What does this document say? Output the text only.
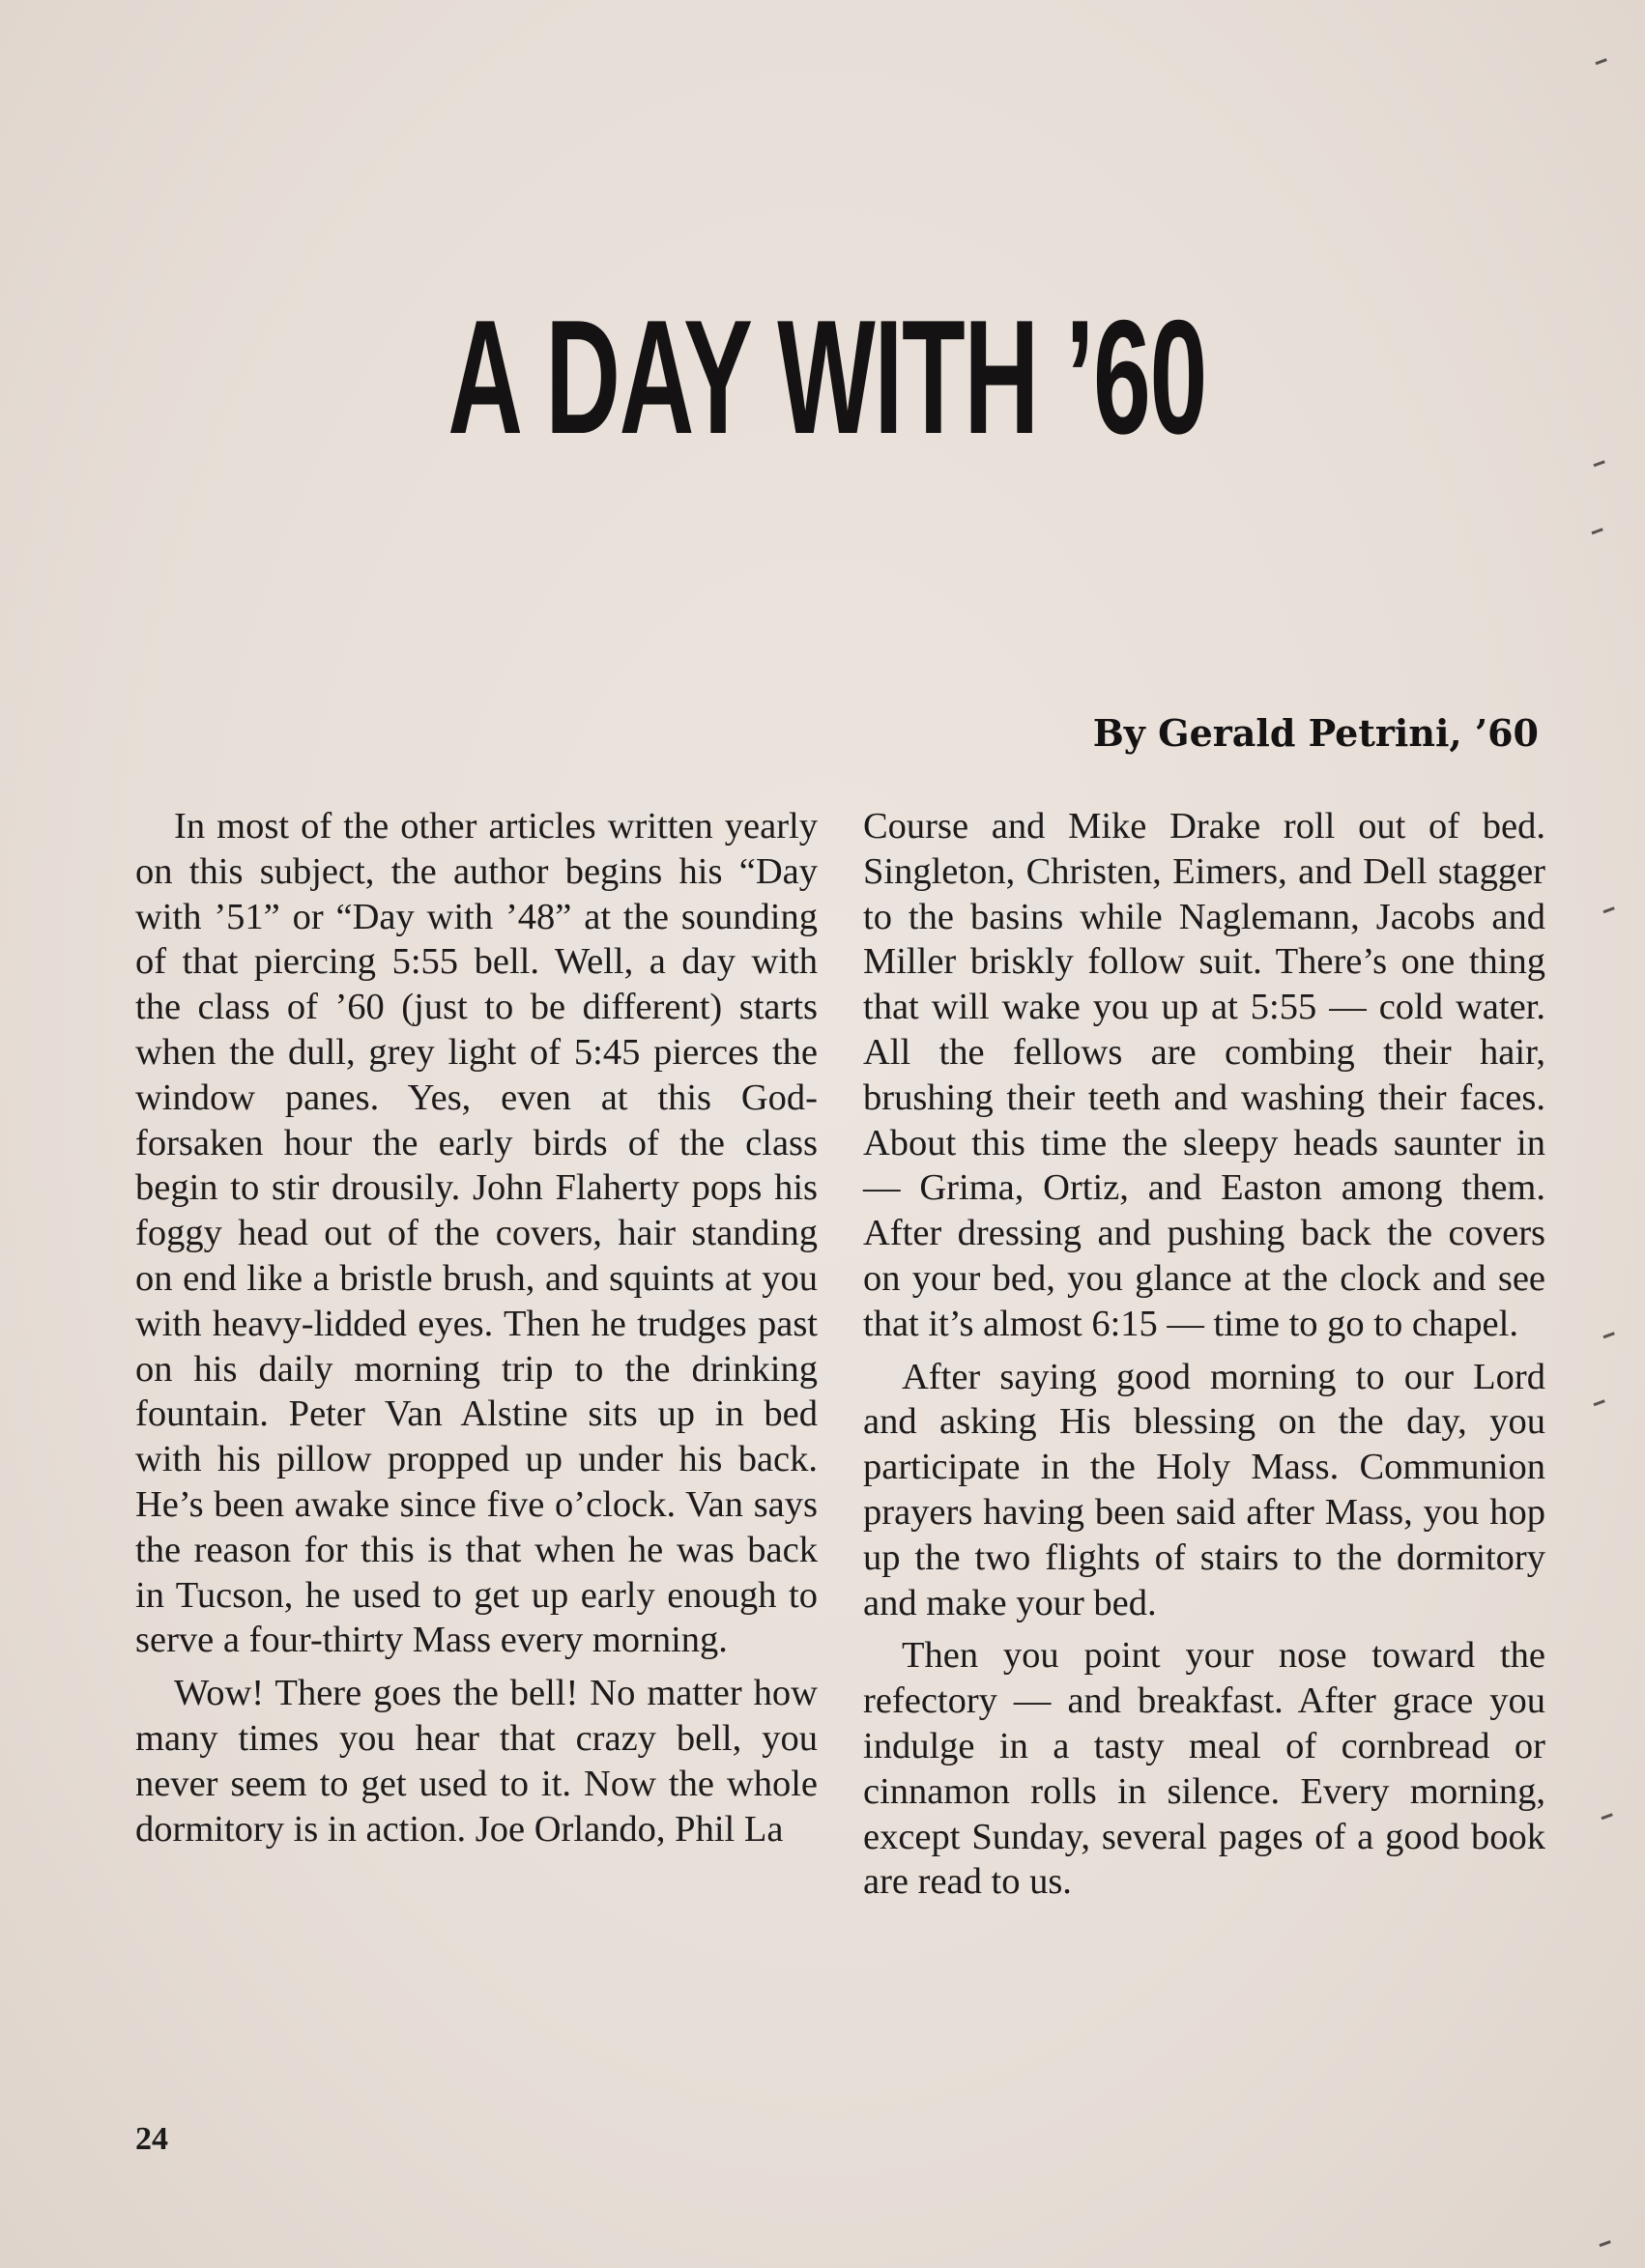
A DAY WITH ’60
By Gerald Petrini, ’60

In most of the other articles written yearly on this subject, the author begins his “Day with ’51” or “Day with ’48” at the sounding of that piercing 5:55 bell. Well, a day with the class of ’60 (just to be different) starts when the dull, grey light of 5:45 pierces the window panes. Yes, even at this God-forsaken hour the early birds of the class begin to stir drousily. John Flaherty pops his foggy head out of the covers, hair standing on end like a bristle brush, and squints at you with heavy-lidded eyes. Then he trudges past on his daily morning trip to the drinking fountain. Peter Van Alstine sits up in bed with his pillow propped up under his back. He’s been awake since five o’clock. Van says the reason for this is that when he was back in Tucson, he used to get up early enough to serve a four-thirty Mass every morning.

Wow! There goes the bell! No matter how many times you hear that crazy bell, you never seem to get used to it. Now the whole dormitory is in action. Joe Orlando, Phil La

Course and Mike Drake roll out of bed. Singleton, Christen, Eimers, and Dell stagger to the basins while Naglemann, Jacobs and Miller briskly follow suit. There’s one thing that will wake you up at 5:55 — cold water. All the fellows are combing their hair, brushing their teeth and washing their faces. About this time the sleepy heads saunter in — Grima, Ortiz, and Easton among them. After dressing and pushing back the covers on your bed, you glance at the clock and see that it’s almost 6:15 — time to go to chapel.

After saying good morning to our Lord and asking His blessing on the day, you participate in the Holy Mass. Communion prayers having been said after Mass, you hop up the two flights of stairs to the dormitory and make your bed.

Then you point your nose toward the refectory — and breakfast. After grace you indulge in a tasty meal of cornbread or cinnamon rolls in silence. Every morning, except Sunday, several pages of a good book are read to us.

24
